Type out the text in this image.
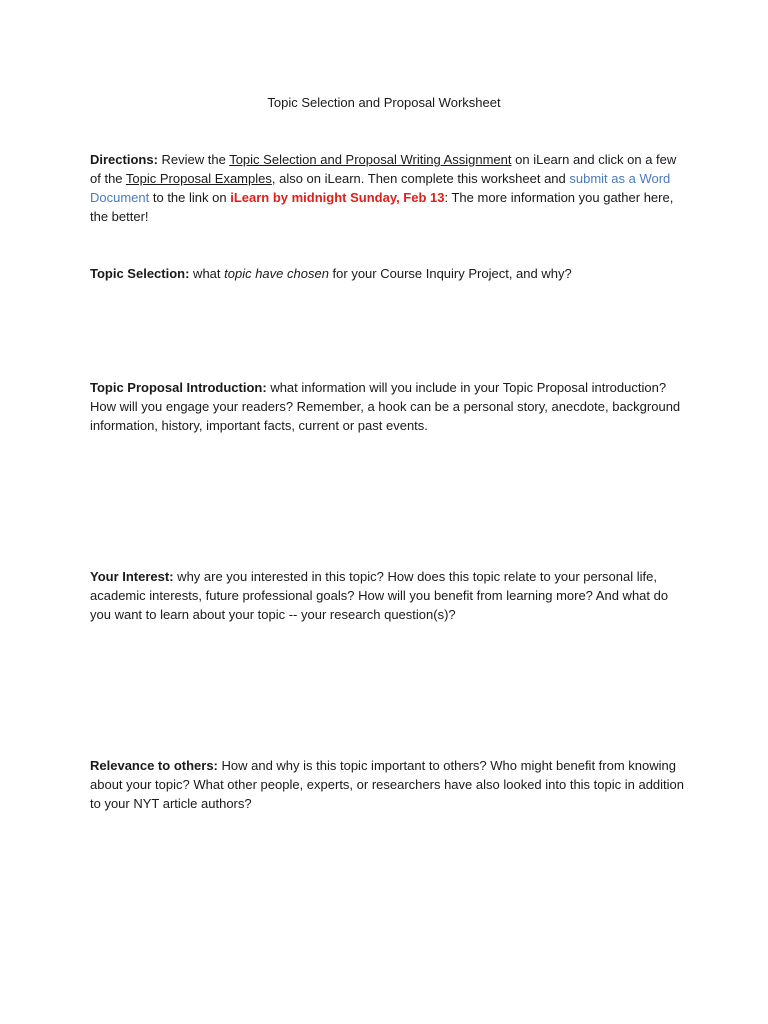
Topic Selection and Proposal Worksheet
Directions: Review the Topic Selection and Proposal Writing Assignment on iLearn and click on a few of the Topic Proposal Examples, also on iLearn. Then complete this worksheet and submit as a Word Document to the link on iLearn by midnight Sunday, Feb 13: The more information you gather here, the better!
Topic Selection: what topic have chosen for your Course Inquiry Project, and why?
Topic Proposal Introduction: what information will you include in your Topic Proposal introduction? How will you engage your readers? Remember, a hook can be a personal story, anecdote, background information, history, important facts, current or past events.
Your Interest: why are you interested in this topic? How does this topic relate to your personal life, academic interests, future professional goals? How will you benefit from learning more? And what do you want to learn about your topic -- your research question(s)?
Relevance to others: How and why is this topic important to others? Who might benefit from knowing about your topic? What other people, experts, or researchers have also looked into this topic in addition to your NYT article authors?
